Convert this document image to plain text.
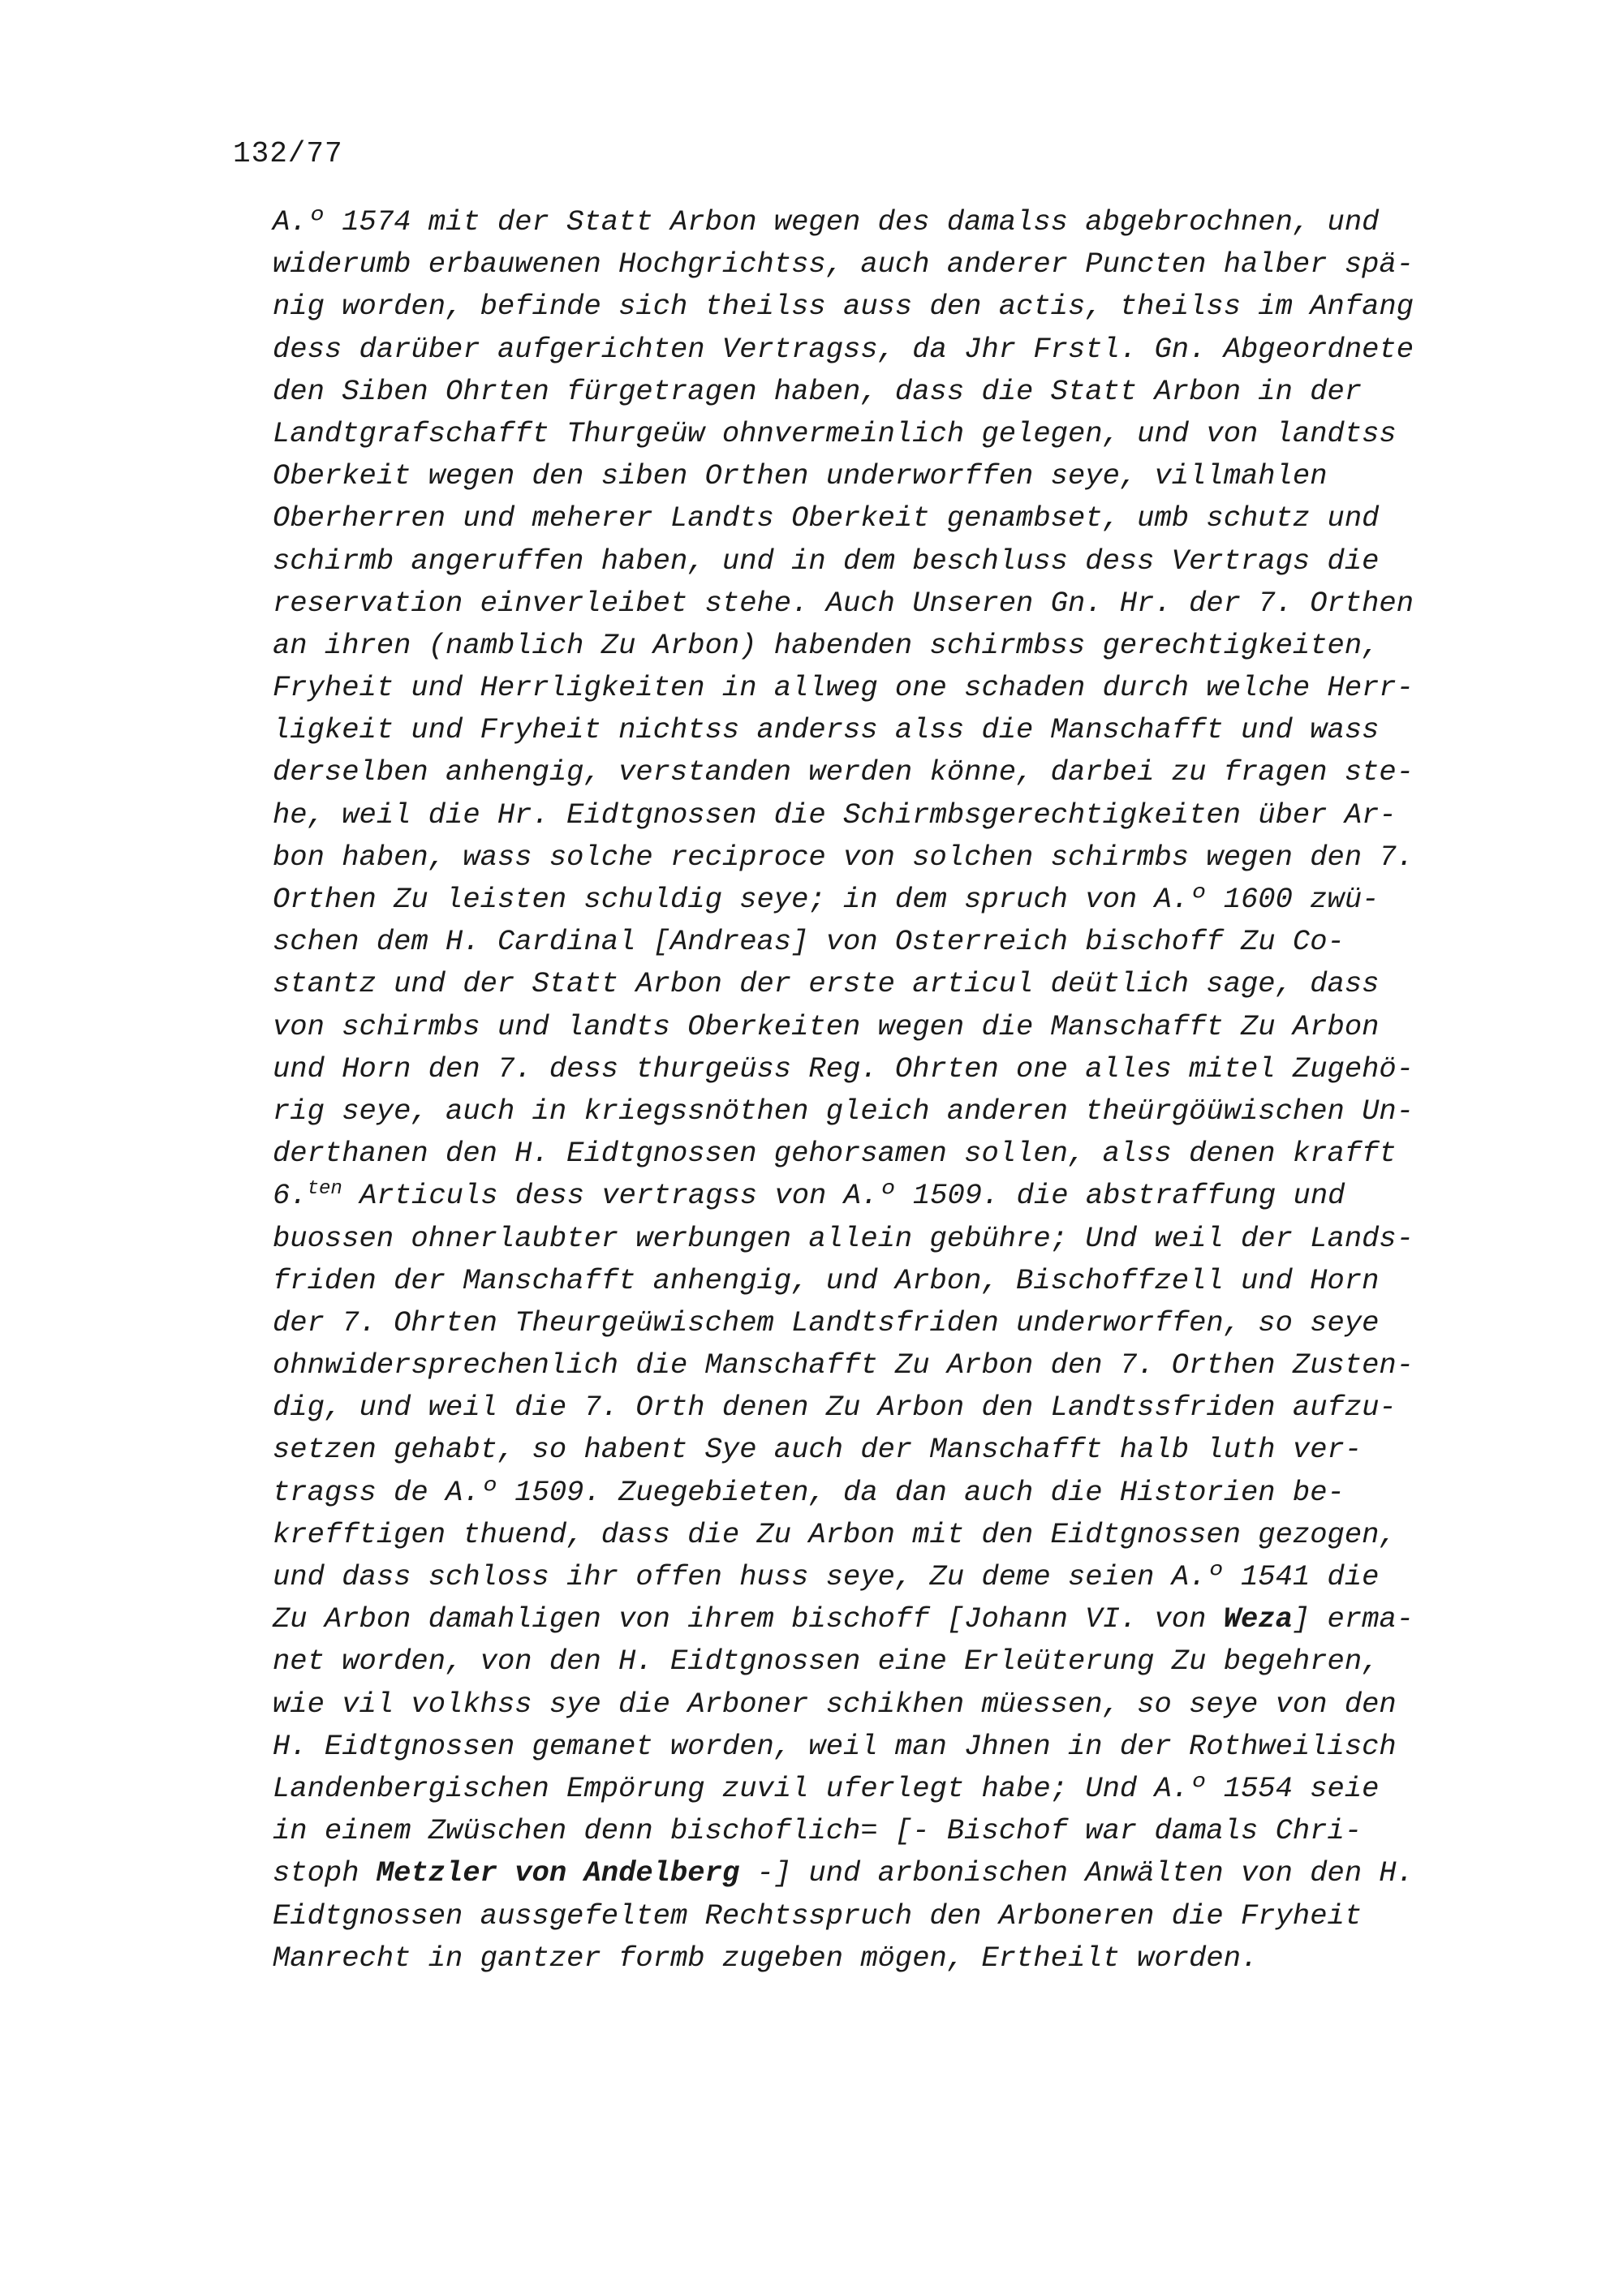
132/77

A.º 1574 mit der Statt Arbon wegen des damalss abgebrochnen, und
widerumb erbauwenen Hochgrichtss, auch anderer Puncten halber spä-
nig worden, befinde sich theilss auss den actis, theilss im Anfang
dess darüber aufgerichten Vertragss, da Jhr Frstl. Gn. Abgeordnete
den Siben Ohrten fürgetragen haben, dass die Statt Arbon in der
Landtgrafschafft Thurgeüw ohnvermeinlich gelegen, und von landtss
Oberkeit wegen den siben Orthen underworffen seye, villmahlen
Oberherren und meherer Landts Oberkeit genambset, umb schutz und
schirmb angeruffen haben, und in dem beschluss dess Vertrags die
reservation einverleibet stehe. Auch Unseren Gn. Hr. der 7. Orthen
an ihren (namblich Zu Arbon) habenden schirmbss gerechtigkeiten,
Fryheit und Herrligkeiten in allweg one schaden durch welche Herr-
ligkeit und Fryheit nichtss anderss alss die Manschafft und wass
derselben anhengig, verstanden werden könne, darbei zu fragen ste-
he, weil die Hr. Eidtgnossen die Schirmbsgerechtigkeiten über Ar-
bon haben, wass solche reciproce von solchen schirmbs wegen den 7.
Orthen Zu leisten schuldig seye; in dem spruch von A.º 1600 zwü-
schen dem H. Cardinal [Andreas] von Osterreich bischoff Zu Co-
stantz und der Statt Arbon der erste articul deütlich sage, dass
von schirmbs und landts Oberkeiten wegen die Manschafft Zu Arbon
und Horn den 7. dess thurgeüss Reg. Ohrten one alles mitel Zugehö-
rig seye, auch in kriegssnöthen gleich anderen theürgöüwischen Un-
derthanen den H. Eidtgnossen gehorsamen sollen, alss denen krafft
6.$^{ten}$ Articuls dess vertragss von A.º 1509. die abstraffung und
buossen ohnerlaubter werbungen allein gebühre; Und weil der Lands-
friden der Manschafft anhengig, und Arbon, Bischoffzell und Horn
der 7. Ohrten Theurgeüwischem Landtsfriden underworffen, so seye
ohnwidersprechenlich die Manschafft Zu Arbon den 7. Orthen Zusten-
dig, und weil die 7. Orth denen Zu Arbon den Landtssfriden aufzu-
setzen gehabt, so habent Sye auch der Manschafft halb luth ver-
tragss de A.º 1509. Zuegebieten, da dan auch die Historien be-
krefftigen thuend, dass die Zu Arbon mit den Eidtgnossen gezogen,
und dass schloss ihr offen huss seye, Zu deme seien A.º 1541 die
Zu Arbon damahligen von ihrem bischoff [Johann VI. von Weza] erma-
net worden, von den H. Eidtgnossen eine Erleüterung Zu begehren,
wie vil volkhss sye die Arboner schikhen müessen, so seye von den
H. Eidtgnossen gemanet worden, weil man Jhnen in der Rothweilisch
Landenbergischen Empörung zuvil uferlegt habe; Und A.º 1554 seie
in einem Zwüschen denn bischoflich= [- Bischof war damals Chri-
stoph Metzler von Andelberg -] und arbonischen Anwälten von den H.
Eidtgnossen aussgefeltem Rechtsspruch den Arboneren die Fryheit
Manrecht in gantzer formb zugeben mögen, Ertheilt worden.
